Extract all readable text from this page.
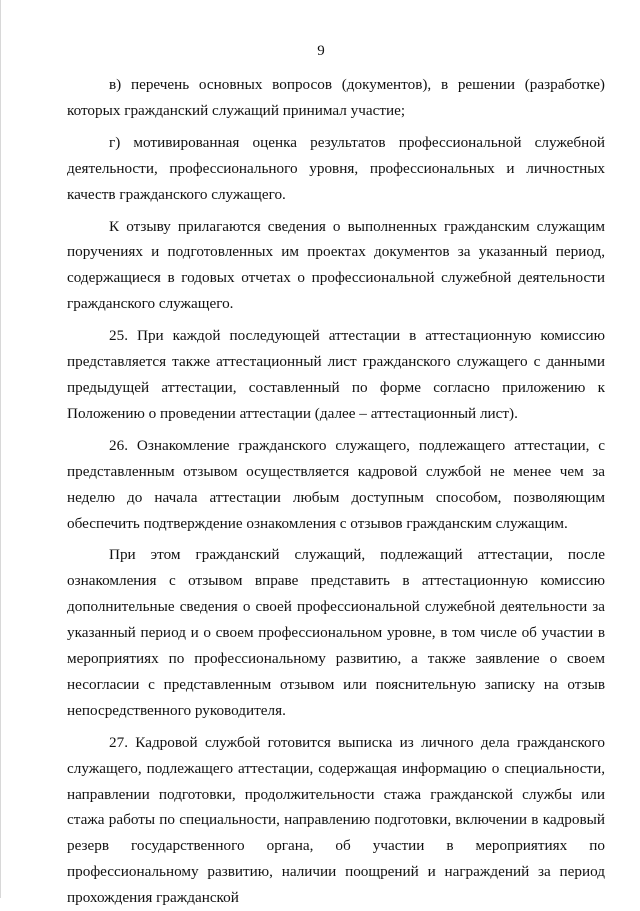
9

в) перечень основных вопросов (документов), в решении (разработке) которых гражданский служащий принимал участие;

г) мотивированная оценка результатов профессиональной служебной деятельности, профессионального уровня, профессиональных и личностных качеств гражданского служащего.

К отзыву прилагаются сведения о выполненных гражданским служащим поручениях и подготовленных им проектах документов за указанный период, содержащиеся в годовых отчетах о профессиональной служебной деятельности гражданского служащего.

25. При каждой последующей аттестации в аттестационную комиссию представляется также аттестационный лист гражданского служащего с данными предыдущей аттестации, составленный по форме согласно приложению к Положению о проведении аттестации (далее – аттестационный лист).

26. Ознакомление гражданского служащего, подлежащего аттестации, с представленным отзывом осуществляется кадровой службой не менее чем за неделю до начала аттестации любым доступным способом, позволяющим обеспечить подтверждение ознакомления с отзывов гражданским служащим.

При этом гражданский служащий, подлежащий аттестации, после ознакомления с отзывом вправе представить в аттестационную комиссию дополнительные сведения о своей профессиональной служебной деятельности за указанный период и о своем профессиональном уровне, в том числе об участии в мероприятиях по профессиональному развитию, а также заявление о своем несогласии с представленным отзывом или пояснительную записку на отзыв непосредственного руководителя.

27. Кадровой службой готовится выписка из личного дела гражданского служащего, подлежащего аттестации, содержащая информацию о специальности, направлении подготовки, продолжительности стажа гражданской службы или стажа работы по специальности, направлению подготовки, включении в кадровый резерв государственного органа, об участии в мероприятиях по профессиональному развитию, наличии поощрений и награждений за период прохождения гражданской
